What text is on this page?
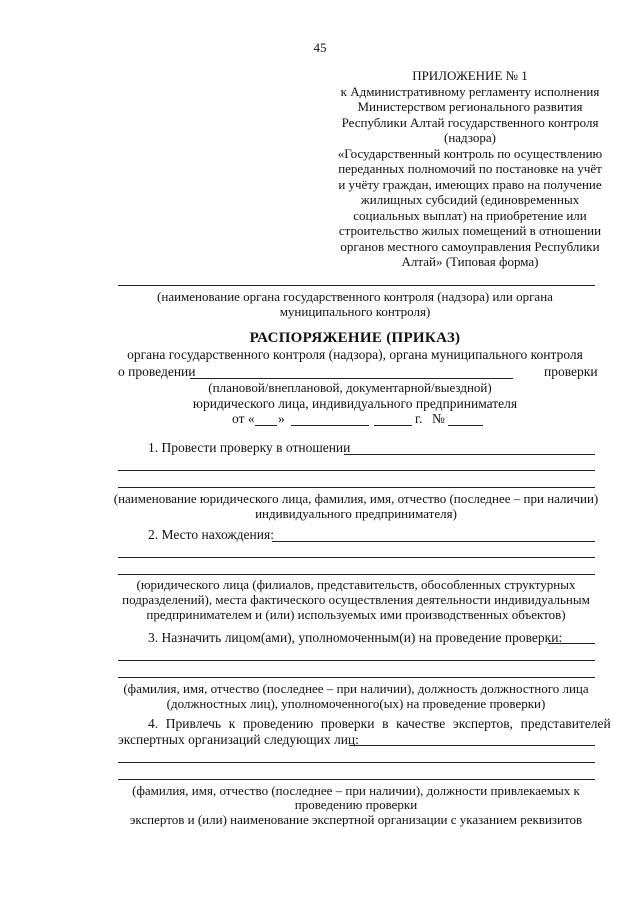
45
ПРИЛОЖЕНИЕ № 1
к Административному регламенту исполнения
Министерством регионального развития
Республики Алтай государственного контроля
(надзора)
«Государственный контроль по осуществлению
переданных полномочий по постановке на учёт
и учёту граждан, имеющих право на получение
жилищных субсидий (единовременных
социальных выплат) на приобретение или
строительство жилых помещений в отношении
органов местного самоуправления Республики
Алтай» (Типовая форма)
(наименование органа государственного контроля (надзора) или органа
муниципального контроля)
РАСПОРЯЖЕНИЕ (ПРИКАЗ)
органа государственного контроля (надзора), органа муниципального контроля
о проведении	проверки
(плановой/внеплановой, документарной/выездной)
юридического лица, индивидуального предпринимателя
от « »	г. №
1. Провести проверку в отношении
(наименование юридического лица, фамилия, имя, отчество (последнее – при наличии)
индивидуального предпринимателя)
2. Место нахождения:
(юридического лица (филиалов, представительств, обособленных структурных
подразделений), места фактического осуществления деятельности индивидуальным
предпринимателем и (или) используемых ими производственных объектов)
3. Назначить лицом(ами), уполномоченным(и) на проведение проверки:
(фамилия, имя, отчество (последнее – при наличии), должность должностного лица
(должностных лиц), уполномоченного(ых) на проведение проверки)
4. Привлечь к проведению проверки в качестве экспертов, представителей
экспертных организаций следующих лиц:
(фамилия, имя, отчество (последнее – при наличии), должности привлекаемых к
проведению проверки
экспертов и (или) наименование экспертной организации с указанием реквизитов
